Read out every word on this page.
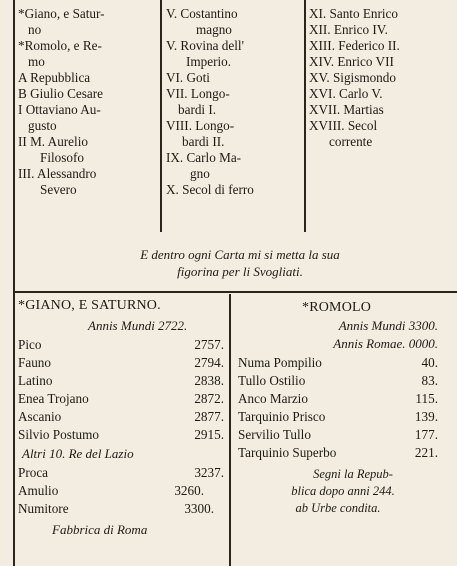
*Giano, e Satur-
no
*Romolo, e Re-
mo
A Repubblica
B Giulio Cesare
I Ottaviano Au-
gusto
II M. Aurelio
Filosofo
III. Alessandro
Severo
V. Costantino
magno
V. Rovina dell'
Imperio.
VI. Goti
VII. Longo-
bardi I.
VIII. Longo-
bardi II.
IX. Carlo Ma-
gno
X. Secol di ferro
XI. Santo Enrico
XII. Enrico IV.
XIII. Federico II.
XIV. Enrico VII
XV. Sigismondo
XVI. Carlo V.
XVII. Martias
XVIII. Secol
corrente
E dentro ogni Carta mi si metta la sua
figorina per li Svogliati.
*GIANO, E SATURNO.
Annis Mundi 2722.
Pico	2757.
Fauno	2794.
Latino	2838.
Enea Trojano	2872.
Ascanio	2877.
Silvio Postumo	2915.
Altri 10. Re del Lazio
Proca	3237.
Amulio	3260.
Numitore	3300.
Fabbrica di Roma
*ROMOLO
Annis Mundi 3300.
Annis Romae. 0000.
Numa Pompilio	40.
Tullo Ostilio	83.
Anco Marzio	115.
Tarquinio Prisco	139.
Servilio Tullo	177.
Tarquinio Superbo	221.
Segni la Repub-
blica dopo anni 244.
ab Urbe condita.
